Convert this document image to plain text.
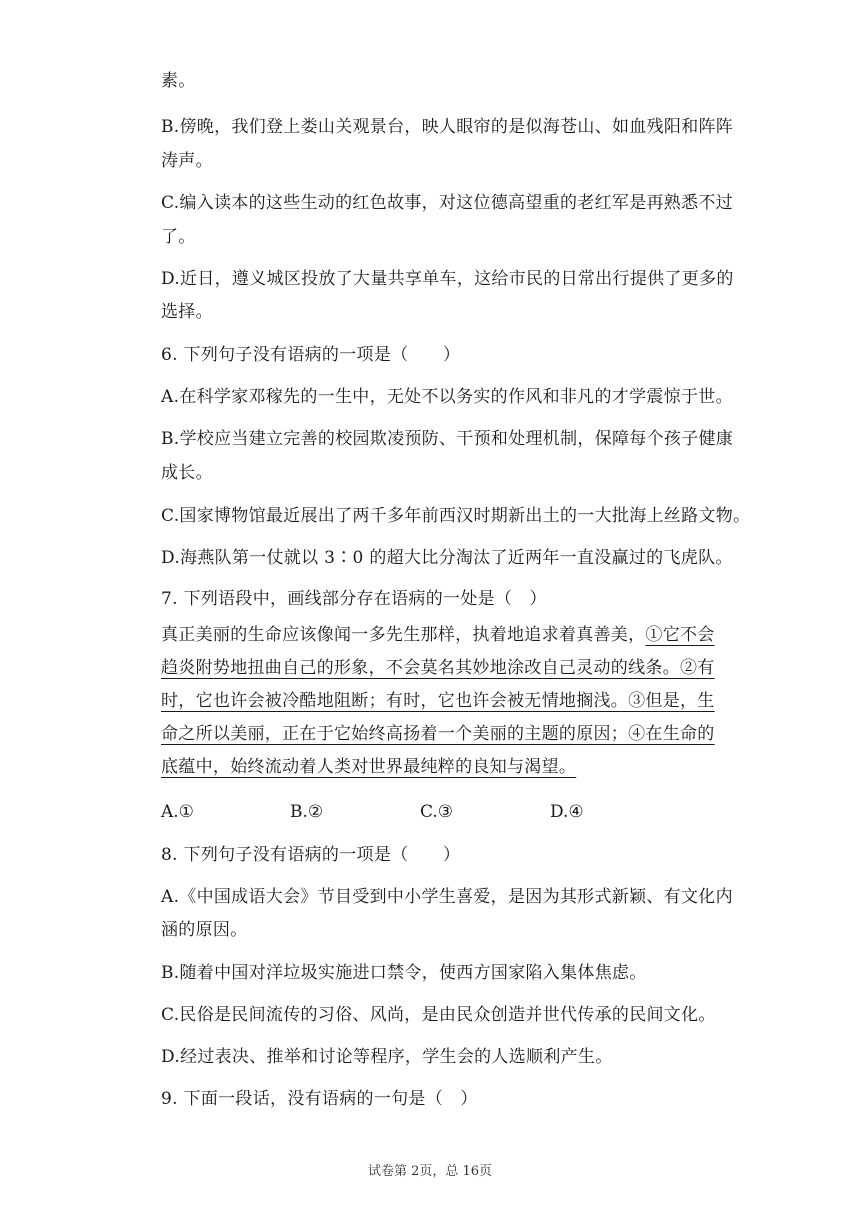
素。

B.傍晚，我们登上娄山关观景台，映人眼帘的是似海苍山、如血残阳和阵阵

涛声。

C.编入读本的这些生动的红色故事，对这位德高望重的老红军是再熟悉不过

了。

D.近日，遵义城区投放了大量共享单车，这给市民的日常出行提供了更多的

选择。

6. 下列句子没有语病的一项是（　　）

A.在科学家邓稼先的一生中，无处不以务实的作风和非凡的才学震惊于世。

B.学校应当建立完善的校园欺凌预防、干预和处理机制，保障每个孩子健康

成长。

C.国家博物馆最近展出了两千多年前西汉时期新出土的一大批海上丝路文物。

D.海燕队第一仗就以 3∶0 的超大比分淘汰了近两年一直没赢过的飞虎队。

7. 下列语段中，画线部分存在语病的一处是（　）

真正美丽的生命应该像闻一多先生那样，执着地追求着真善美，①它不会

趋炎附势地扭曲自己的形象，不会莫名其妙地涂改自己灵动的线条。②有

时，它也许会被冷酷地阻断；有时，它也许会被无情地搁浅。③但是，生

命之所以美丽，正在于它始终高扬着一个美丽的主题的原因；④在生命的

底蕴中，始终流动着人类对世界最纯粹的良知与渴望。

A.①	B.②	C.③	D.④

8. 下列句子没有语病的一项是（　　）

A.《中国成语大会》节目受到中小学生喜爱，是因为其形式新颖、有文化内

涵的原因。

B.随着中国对洋垃圾实施进口禁令，使西方国家陷入集体焦虑。

C.民俗是民间流传的习俗、风尚，是由民众创造并世代传承的民间文化。

D.经过表决、推举和讨论等程序，学生会的人选顺利产生。

9. 下面一段话，没有语病的一句是（　）

试卷第 2页，总 16页
